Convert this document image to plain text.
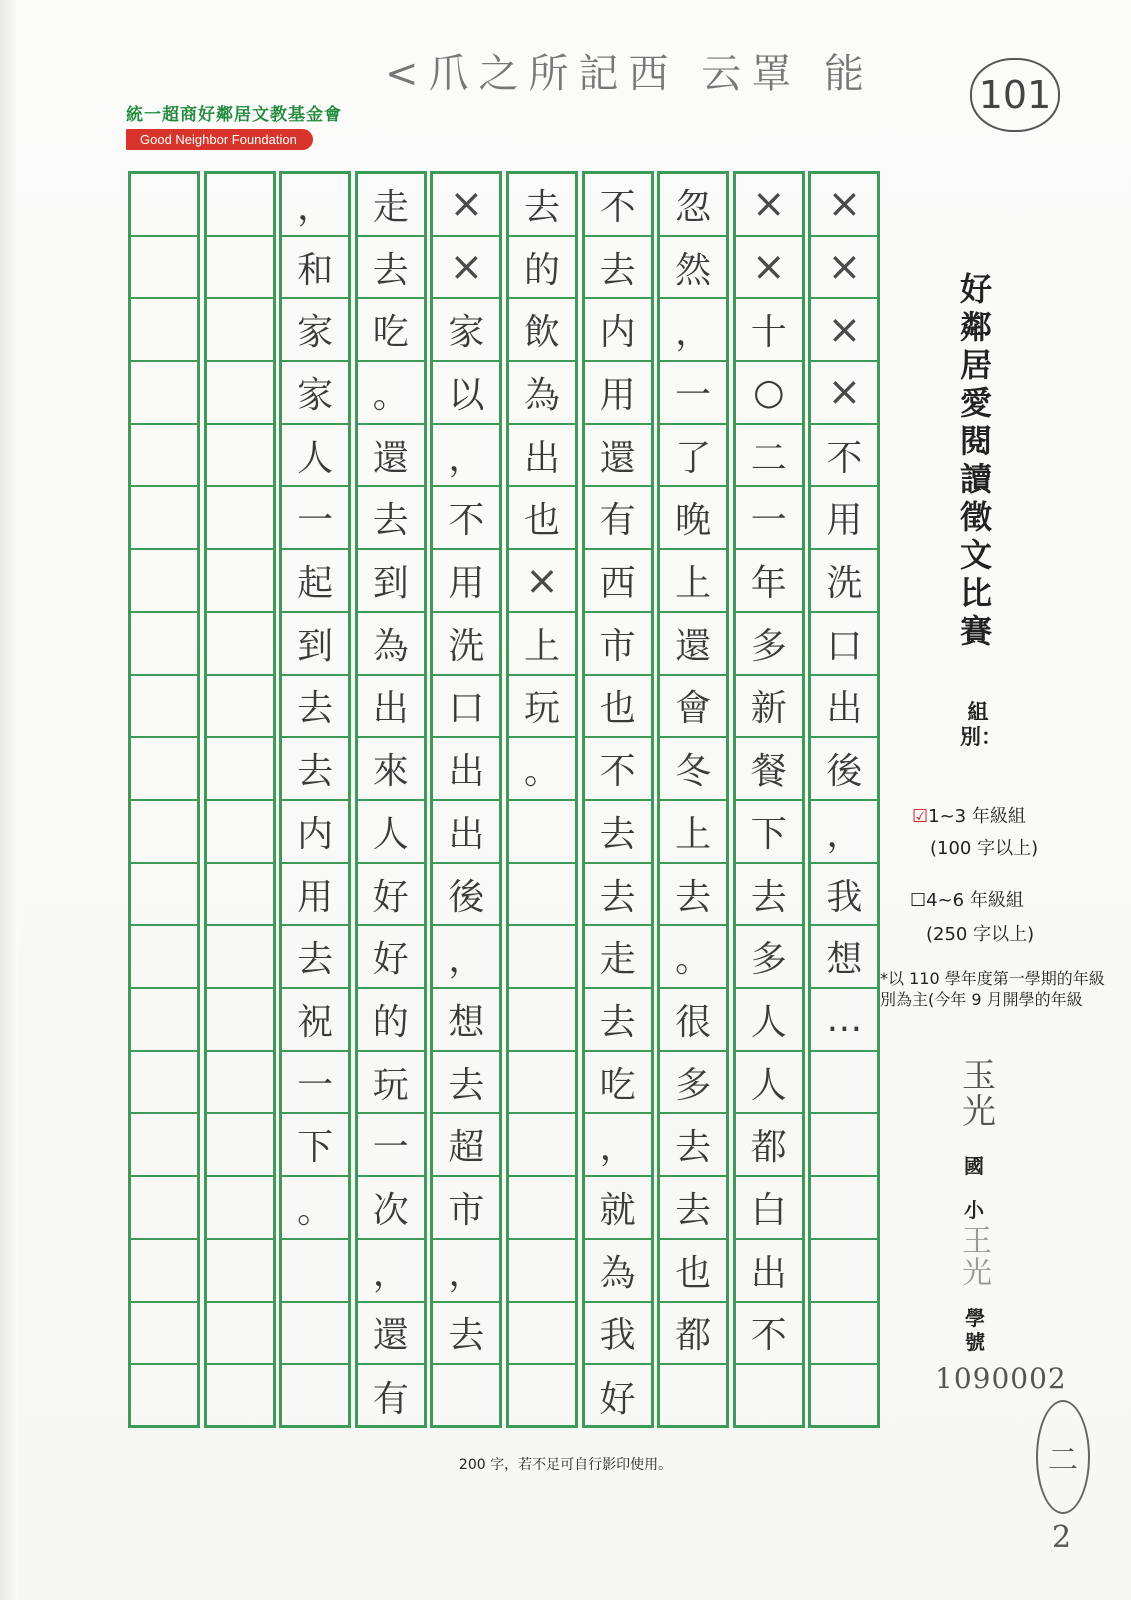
統一超商好鄰居文教基金會
Good Neighbor Foundation
<爪之所記西 云罩 能	101
×
×
×
×
不
用
洗
口
出
後
，
我
想
…
×
×
十
○
二
一
年
多
新
餐
下
去
多
人
人
都
白
出
不
忽
然
，
一
了
晚
上
還
會
冬
上
去
。
很
多
去
去
也
都
不
去
内
用
還
有
西
市
也
不
去
去
走
去
吃
，
就
為
我
好
去
的
飲
為
出
也
×
上
玩
。
×
×
家
以
，
不
用
洗
口
出
出
後
，
想
去
超
市
，
去
走
去
吃
。
還
去
到
為
出
來
人
好
好
的
玩
一
次
，
還
有
，
和
家
家
人
一
起
到
去
去
内
用
去
祝
一
下
。
好鄰居愛閱讀徵文比賽
組別：
☑1~3 年級組
(100 字以上)
☐4~6 年級組
(250 字以上)
*以 110 學年度第一學期的年級別為主(今年 9 月開學的年級
玉光
國
小
王光
學號
1090002
200 字，若不足可自行影印使用。	二
2
